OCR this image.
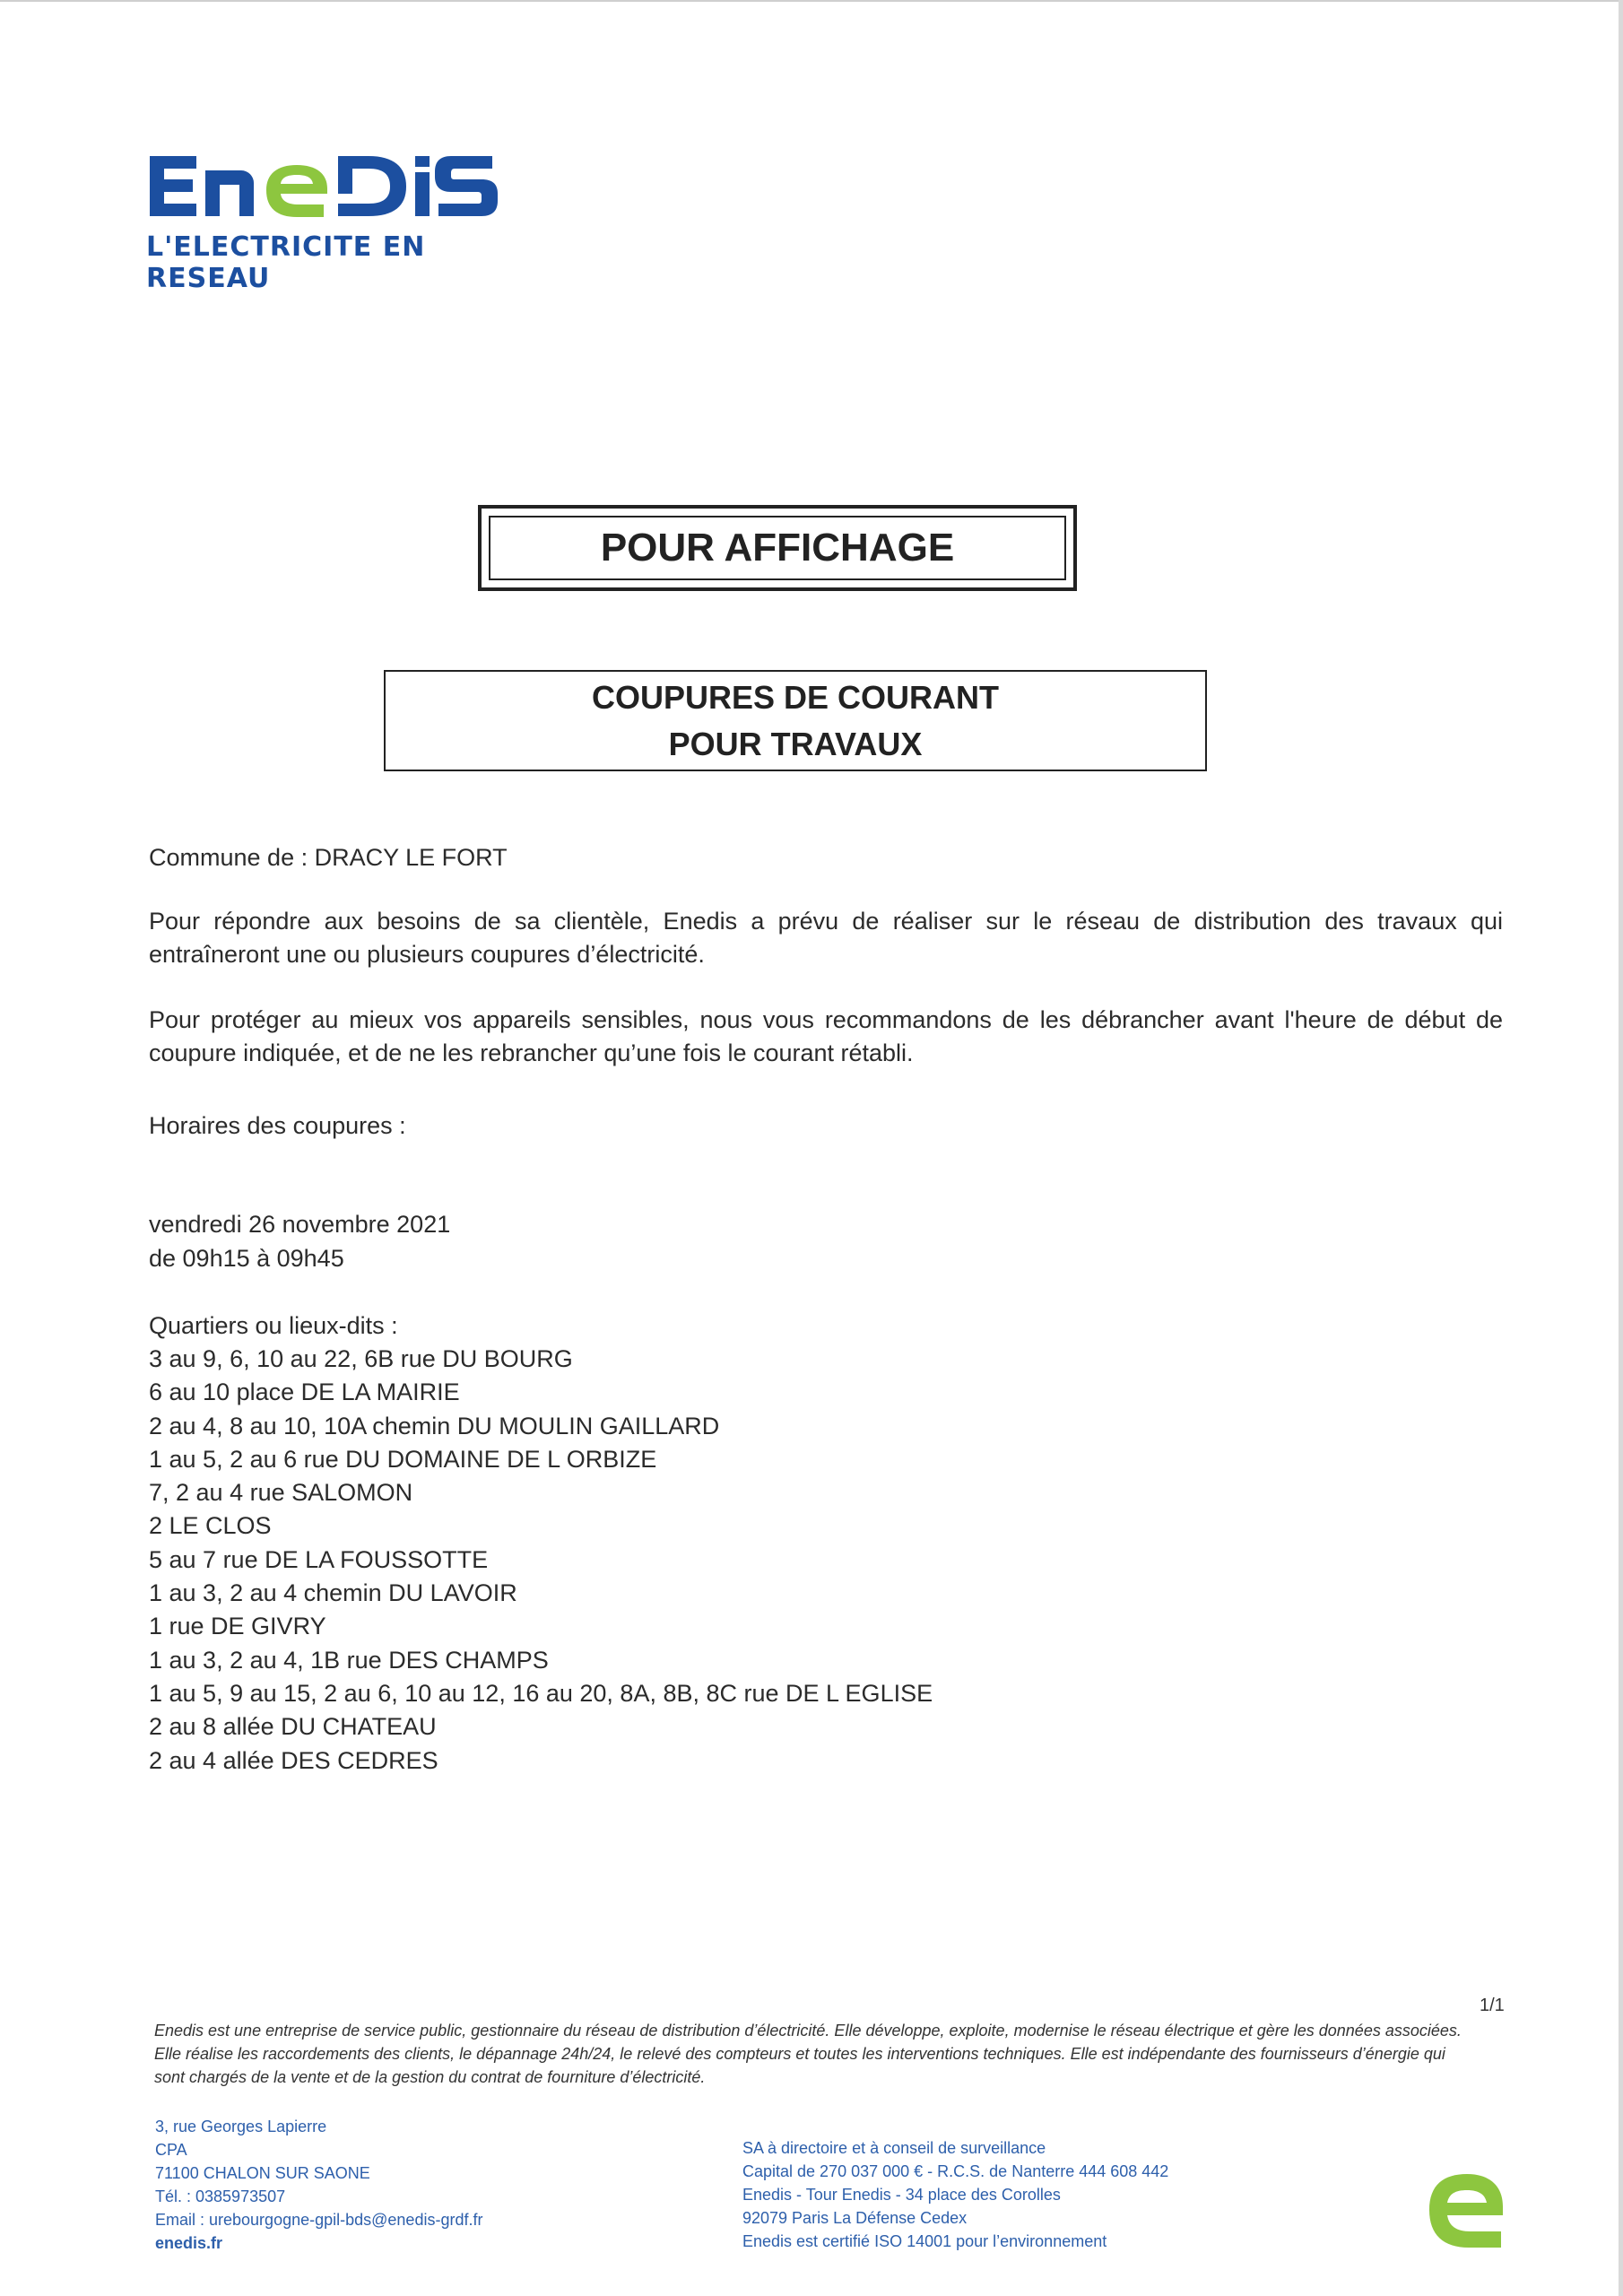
L'ELECTRICITE EN RESEAU
POUR AFFICHAGE
COUPURES DE COURANT
POUR TRAVAUX
Commune de : DRACY LE FORT
Pour répondre aux besoins de sa clientèle, Enedis a prévu de réaliser sur le réseau de distribution des travaux qui entraîneront une ou plusieurs coupures d’électricité.
Pour protéger au mieux vos appareils sensibles, nous vous recommandons de les débrancher avant l'heure de début de coupure indiquée, et de ne les rebrancher qu’une fois le courant rétabli.
Horaires des coupures :
vendredi 26 novembre 2021
de 09h15 à 09h45
Quartiers ou lieux-dits :
3 au 9, 6, 10 au 22, 6B rue DU BOURG
6 au 10 place DE LA MAIRIE
2 au 4, 8 au 10, 10A chemin DU MOULIN GAILLARD
1 au 5, 2 au 6 rue DU DOMAINE DE L ORBIZE
7, 2 au 4 rue SALOMON
2 LE CLOS
5 au 7 rue DE LA FOUSSOTTE
1 au 3, 2 au 4 chemin DU LAVOIR
1 rue DE GIVRY
1 au 3, 2 au 4, 1B rue DES CHAMPS
1 au 5, 9 au 15, 2 au 6, 10 au 12, 16 au 20, 8A, 8B, 8C rue DE L EGLISE
2 au 8 allée DU CHATEAU
2 au 4 allée DES CEDRES
1/1
Enedis est une entreprise de service public, gestionnaire du réseau de distribution d’électricité. Elle développe, exploite, modernise le réseau électrique et gère les données associées. Elle réalise les raccordements des clients, le dépannage 24h/24, le relevé des compteurs et toutes les interventions techniques. Elle est indépendante des fournisseurs d’énergie qui sont chargés de la vente et de la gestion du contrat de fourniture d’électricité.
3, rue Georges Lapierre
CPA
71100 CHALON SUR SAONE
Tél. : 0385973507
Email : urebourgogne-gpil-bds@enedis-grdf.fr
enedis.fr
SA à directoire et à conseil de surveillance
Capital de 270 037 000 € - R.C.S. de Nanterre 444 608 442
Enedis - Tour Enedis - 34 place des Corolles
92079 Paris La Défense Cedex
Enedis est certifié ISO 14001 pour l’environnement
